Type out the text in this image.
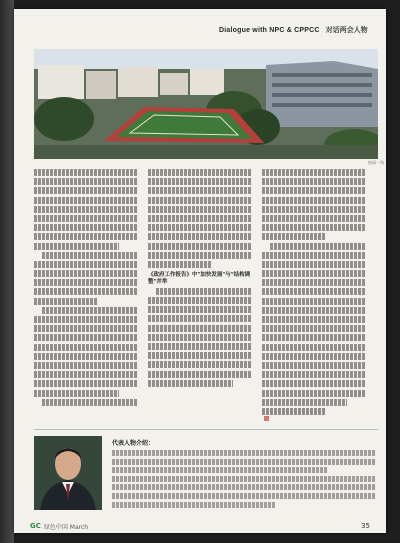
Dialogue with NPC & CPPCC 对话两会人物
校园一角
《政府工作报告》中"加快发展"与"结构调整"并举
代表人物介绍：
GC 绿色中国 March	35
